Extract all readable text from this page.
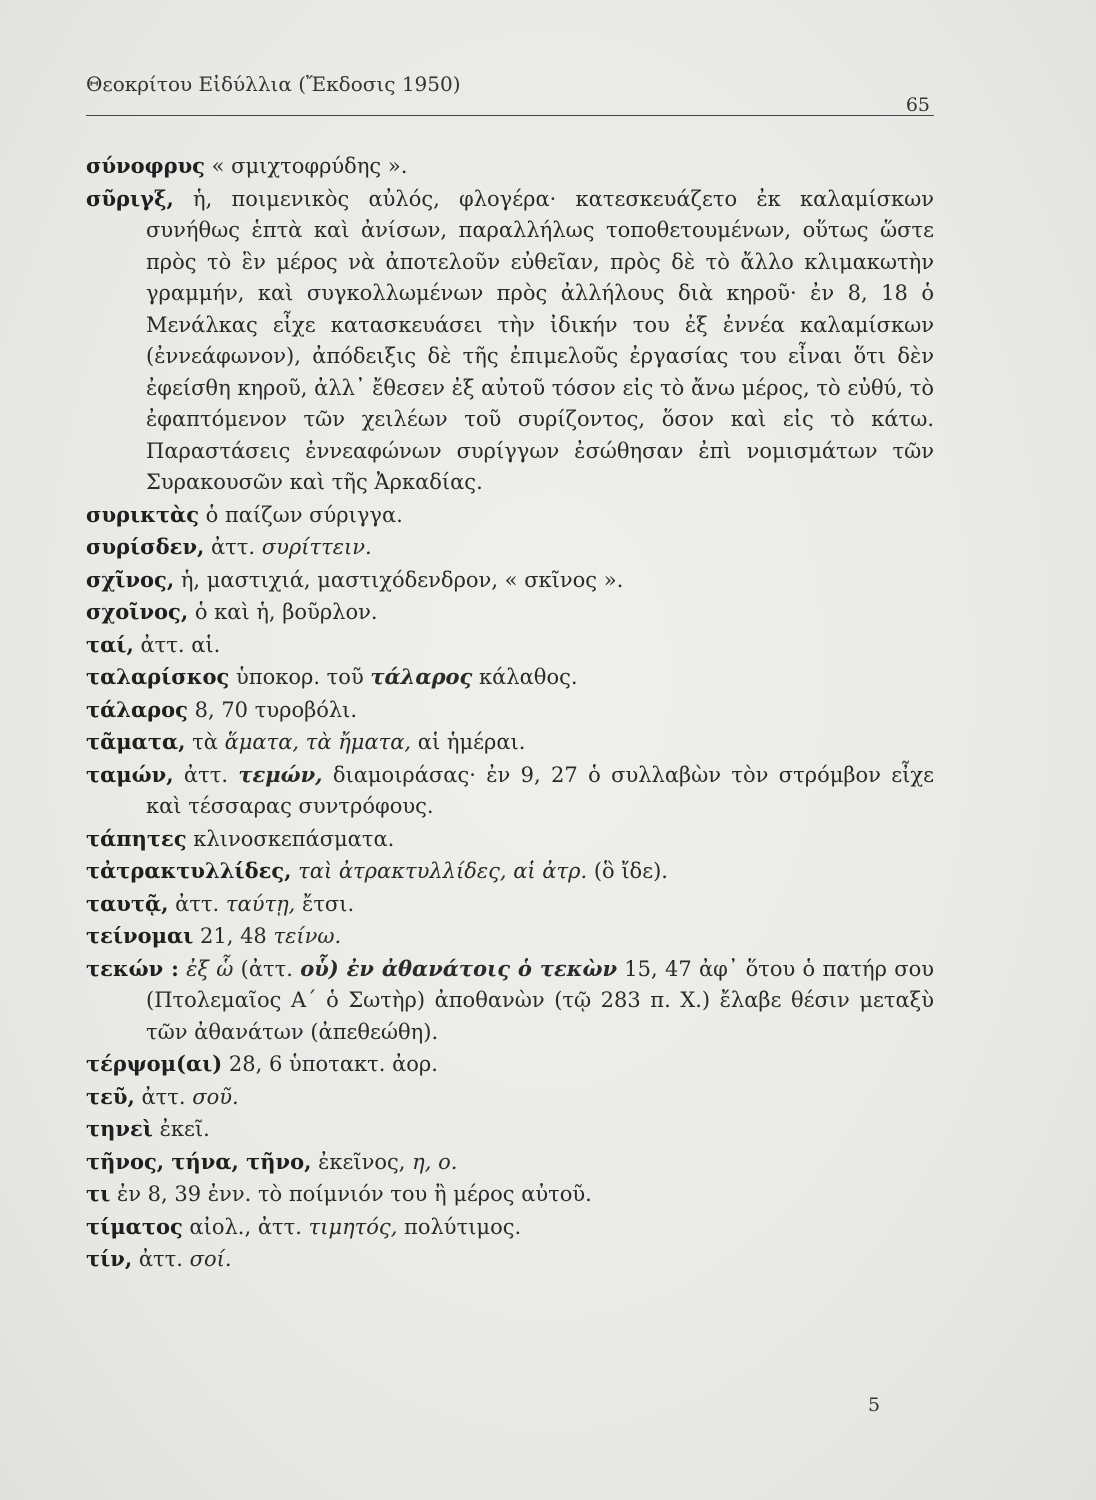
Θεοκρίτου Εἰδύλλια (Ἔκδοσις 1950)
65

σύνοφρυς « σμιχτοφρύδης ».

σῦριγξ, ἡ, ποιμενικὸς αὐλός, φλογέρα· κατεσκευάζετο ἐκ καλαμίσκων συνήθως ἑπτὰ καὶ ἀνίσων, παραλλήλως τοποθετουμένων, οὕτως ὥστε πρὸς τὸ ἓν μέρος νὰ ἀποτελοῦν εὐθεῖαν, πρὸς δὲ τὸ ἄλλο κλιμακωτὴν γραμμήν, καὶ συγκολλωμένων πρὸς ἀλλήλους διὰ κηροῦ· ἐν 8, 18 ὁ Μενάλκας εἶχε κατασκευάσει τὴν ἰδικήν του ἐξ ἐννέα καλαμίσκων (ἐννεάφωνον), ἀπόδειξις δὲ τῆς ἐπιμελοῦς ἐργασίας του εἶναι ὅτι δὲν ἐφείσθη κηροῦ, ἀλλ᾽ ἔθεσεν ἐξ αὐτοῦ τόσον εἰς τὸ ἄνω μέρος, τὸ εὐθύ, τὸ ἐφαπτόμενον τῶν χειλέων τοῦ συρίζοντος, ὅσον καὶ εἰς τὸ κάτω. Παραστάσεις ἐννεαφώνων συρίγγων ἐσώθησαν ἐπὶ νομισμάτων τῶν Συρακουσῶν καὶ τῆς Ἀρκαδίας.

συρικτὰς ὁ παίζων σύριγγα.

συρίσδεν, ἀττ. συρίττειν.

σχῖνος, ἡ, μαστιχιά, μαστιχόδενδρον, « σκῖνος ».

σχοῖνος, ὁ καὶ ἡ, βοῦρλον.

ταί, ἀττ. αἱ.

ταλαρίσκος ὑποκορ. τοῦ τάλαρος κάλαθος.

τάλαρος 8, 70 τυροβόλι.

τᾶματα, τὰ ἅματα, τὰ ἤματα, αἱ ἡμέραι.

ταμών, ἀττ. τεμών, διαμοιράσας· ἐν 9, 27 ὁ συλλαβὼν τὸν στρόμβον εἶχε καὶ τέσσαρας συντρόφους.

τάπητες κλινοσκεπάσματα.

τἀτρακτυλλίδες, ταὶ ἀτρακτυλλίδες, αἱ ἀτρ. (ὃ ἴδε).

ταυτᾷ, ἀττ. ταύτῃ, ἔτσι.

τείνομαι 21, 48 τείνω.

τεκών : ἐξ ὧ (ἀττ. οὗ) ἐν ἀθανάτοις ὁ τεκὼν 15, 47 ἀφ᾽ ὅτου ὁ πατήρ σου (Πτολεμαῖος Α΄ ὁ Σωτὴρ) ἀποθανὼν (τῷ 283 π. Χ.) ἔλαβε θέσιν μεταξὺ τῶν ἀθανάτων (ἀπεθεώθη).

τέρψομ(αι) 28, 6 ὑποτακτ. ἀορ.

τεῦ, ἀττ. σοῦ.

τηνεὶ ἐκεῖ.

τῆνος, τήνα, τῆνο, ἐκεῖνος, η, ο.

τι ἐν 8, 39 ἐνν. τὸ ποίμνιόν του ἢ μέρος αὐτοῦ.

τίματος αἰολ., ἀττ. τιμητός, πολύτιμος.

τίν, ἀττ. σοί.

5
